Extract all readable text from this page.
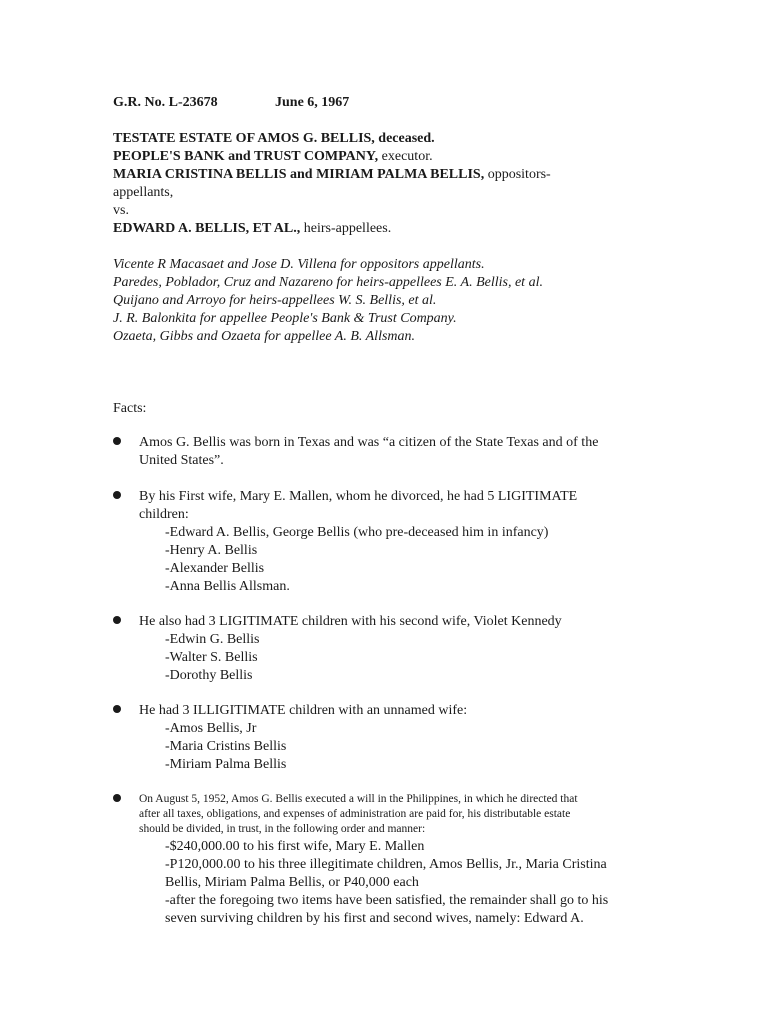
G.R. No. L-23678	June 6, 1967
TESTATE ESTATE OF AMOS G. BELLIS, deceased.
PEOPLE'S BANK and TRUST COMPANY, executor.
MARIA CRISTINA BELLIS and MIRIAM PALMA BELLIS, oppositors-
appellants,
vs.
EDWARD A. BELLIS, ET AL., heirs-appellees.
Vicente R Macasaet and Jose D. Villena for oppositors appellants.
Paredes, Poblador, Cruz and Nazareno for heirs-appellees E. A. Bellis, et al.
Quijano and Arroyo for heirs-appellees W. S. Bellis, et al.
J. R. Balonkita for appellee People's Bank & Trust Company.
Ozaeta, Gibbs and Ozaeta for appellee A. B. Allsman.
Facts:
Amos G. Bellis was born in Texas and was “a citizen of the State Texas and of the
United States”.
By his First wife, Mary E. Mallen, whom he divorced, he had 5 LIGITIMATE
children:
-Edward A. Bellis, George Bellis (who pre-deceased him in infancy)
-Henry A. Bellis
-Alexander Bellis
-Anna Bellis Allsman.
He also had 3 LIGITIMATE children with his second wife, Violet Kennedy
-Edwin G. Bellis
-Walter S. Bellis
-Dorothy Bellis
He had 3 ILLIGITIMATE children with an unnamed wife:
-Amos Bellis, Jr
-Maria Cristins Bellis
-Miriam Palma Bellis
On August 5, 1952, Amos G. Bellis executed a will in the Philippines, in which he directed that
after all taxes, obligations, and expenses of administration are paid for, his distributable estate
should be divided, in trust, in the following order and manner:
-$240,000.00 to his first wife, Mary E. Mallen
-P120,000.00 to his three illegitimate children, Amos Bellis, Jr., Maria Cristina
Bellis, Miriam Palma Bellis, or P40,000 each
-after the foregoing two items have been satisfied, the remainder shall go to his
seven surviving children by his first and second wives, namely: Edward A.
